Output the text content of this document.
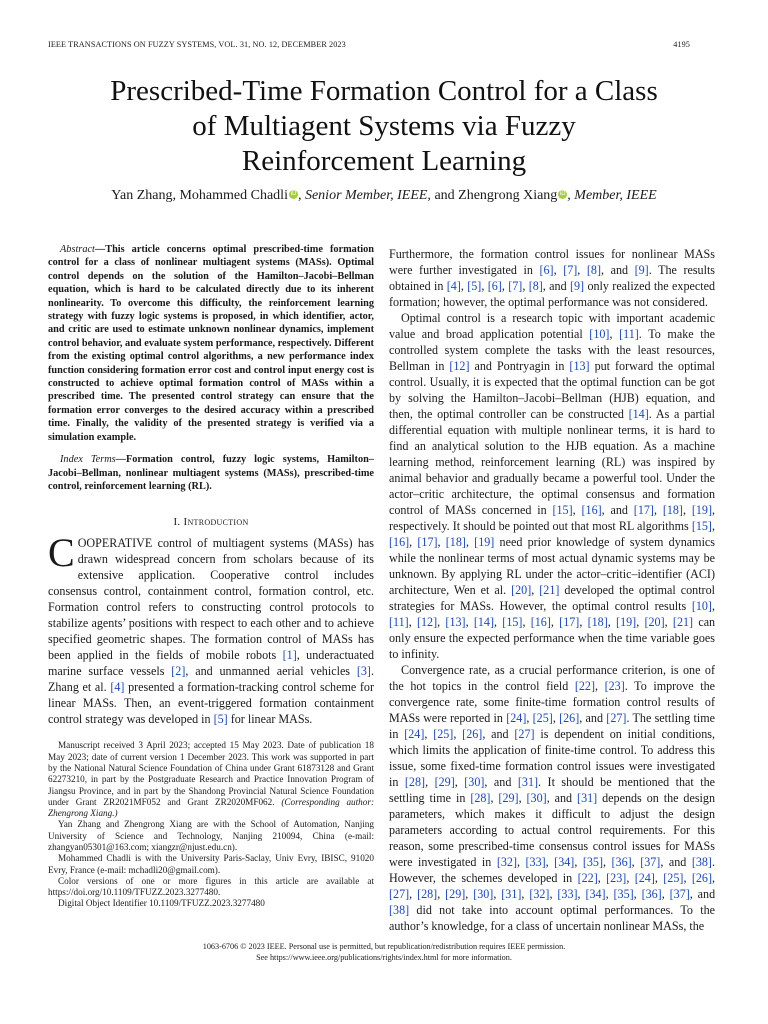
IEEE TRANSACTIONS ON FUZZY SYSTEMS, VOL. 31, NO. 12, DECEMBER 2023	4195
Prescribed-Time Formation Control for a Class
of Multiagent Systems via Fuzzy
Reinforcement Learning
Yan Zhang, Mohammed Chadli iD , Senior Member, IEEE, and Zhengrong Xiang iD , Member, IEEE
Abstract—This article concerns optimal prescribed-time formation control for a class of nonlinear multiagent systems (MASs). Optimal control depends on the solution of the Hamilton–Jacobi–Bellman equation, which is hard to be calculated directly due to its inherent nonlinearity. To overcome this difficulty, the reinforcement learning strategy with fuzzy logic systems is proposed, in which identifier, actor, and critic are used to estimate unknown nonlinear dynamics, implement control behavior, and evaluate system performance, respectively. Different from the existing optimal control algorithms, a new performance index function considering formation error cost and control input energy cost is constructed to achieve optimal formation control of MASs within a prescribed time. The presented control strategy can ensure that the formation error converges to the desired accuracy within a prescribed time. Finally, the validity of the presented strategy is verified via a simulation example.
Index Terms—Formation control, fuzzy logic systems, Hamilton–Jacobi–Bellman, nonlinear multiagent systems (MASs), prescribed-time control, reinforcement learning (RL).
I. Introduction

COOPERATIVE control of multiagent systems (MASs) has drawn widespread concern from scholars because of its extensive application. Cooperative control includes consensus control, containment control, formation control, etc. Formation control refers to constructing control protocols to stabilize agents’ positions with respect to each other and to achieve specified geometric shapes. The formation control of MASs has been applied in the fields of mobile robots [1], underactuated marine surface vessels [2], and unmanned aerial vehicles [3]. Zhang et al. [4] presented a formation-tracking control scheme for linear MASs. Then, an event-triggered formation containment control strategy was developed in [5] for linear MASs.

Manuscript received 3 April 2023; accepted 15 May 2023. Date of publication 18 May 2023; date of current version 1 December 2023. This work was supported in part by the National Natural Science Foundation of China under Grant 61873128 and Grant 62273210, in part by the Postgraduate Research and Practice Innovation Program of Jiangsu Province, and in part by the Shandong Provincial Natural Science Foundation under Grant ZR2021MF052 and Grant ZR2020MF062. (Corresponding author: Zhengrong Xiang.)

Yan Zhang and Zhengrong Xiang are with the School of Automation, Nanjing University of Science and Technology, Nanjing 210094, China (e-mail: zhangyan05301@163.com; xiangzr@njust.edu.cn).

Mohammed Chadli is with the University Paris-Saclay, Univ Evry, IBISC, 91020 Evry, France (e-mail: mchadli20@gmail.com).

Color versions of one or more figures in this article are available at https://doi.org/10.1109/TFUZZ.2023.3277480.

Digital Object Identifier 10.1109/TFUZZ.2023.3277480

Furthermore, the formation control issues for nonlinear MASs were further investigated in [6], [7], [8], and [9]. The results obtained in [4], [5], [6], [7], [8], and [9] only realized the expected formation; however, the optimal performance was not considered.

Optimal control is a research topic with important academic value and broad application potential [10], [11]. To make the controlled system complete the tasks with the least resources, Bellman in [12] and Pontryagin in [13] put forward the optimal control. Usually, it is expected that the optimal function can be got by solving the Hamilton–Jacobi–Bellman (HJB) equation, and then, the optimal controller can be constructed [14]. As a partial differential equation with multiple nonlinear terms, it is hard to find an analytical solution to the HJB equation. As a machine learning method, reinforcement learning (RL) was inspired by animal behavior and gradually became a powerful tool. Under the actor–critic architecture, the optimal consensus and formation control of MASs concerned in [15], [16], and [17], [18], [19], respectively. It should be pointed out that most RL algorithms [15], [16], [17], [18], [19] need prior knowledge of system dynamics while the nonlinear terms of most actual dynamic systems may be unknown. By applying RL under the actor–critic–identifier (ACI) architecture, Wen et al. [20], [21] developed the optimal control strategies for MASs. However, the optimal control results [10], [11], [12], [13], [14], [15], [16], [17], [18], [19], [20], [21] can only ensure the expected performance when the time variable goes to infinity.

Convergence rate, as a crucial performance criterion, is one of the hot topics in the control field [22], [23]. To improve the convergence rate, some finite-time formation control results of MASs were reported in [24], [25], [26], and [27]. The settling time in [24], [25], [26], and [27] is dependent on initial conditions, which limits the application of finite-time control. To address this issue, some fixed-time formation control issues were investigated in [28], [29], [30], and [31]. It should be mentioned that the settling time in [28], [29], [30], and [31] depends on the design parameters, which makes it difficult to adjust the design parameters according to actual control requirements. For this reason, some prescribed-time consensus control issues for MASs were investigated in [32], [33], [34], [35], [36], [37], and [38]. However, the schemes developed in [22], [23], [24], [25], [26], [27], [28], [29], [30], [31], [32], [33], [34], [35], [36], [37], and [38] did not take into account optimal performances. To the author’s knowledge, for a class of uncertain nonlinear MASs, the

1063-6706 © 2023 IEEE. Personal use is permitted, but republication/redistribution requires IEEE permission.
See https://www.ieee.org/publications/rights/index.html for more information.
